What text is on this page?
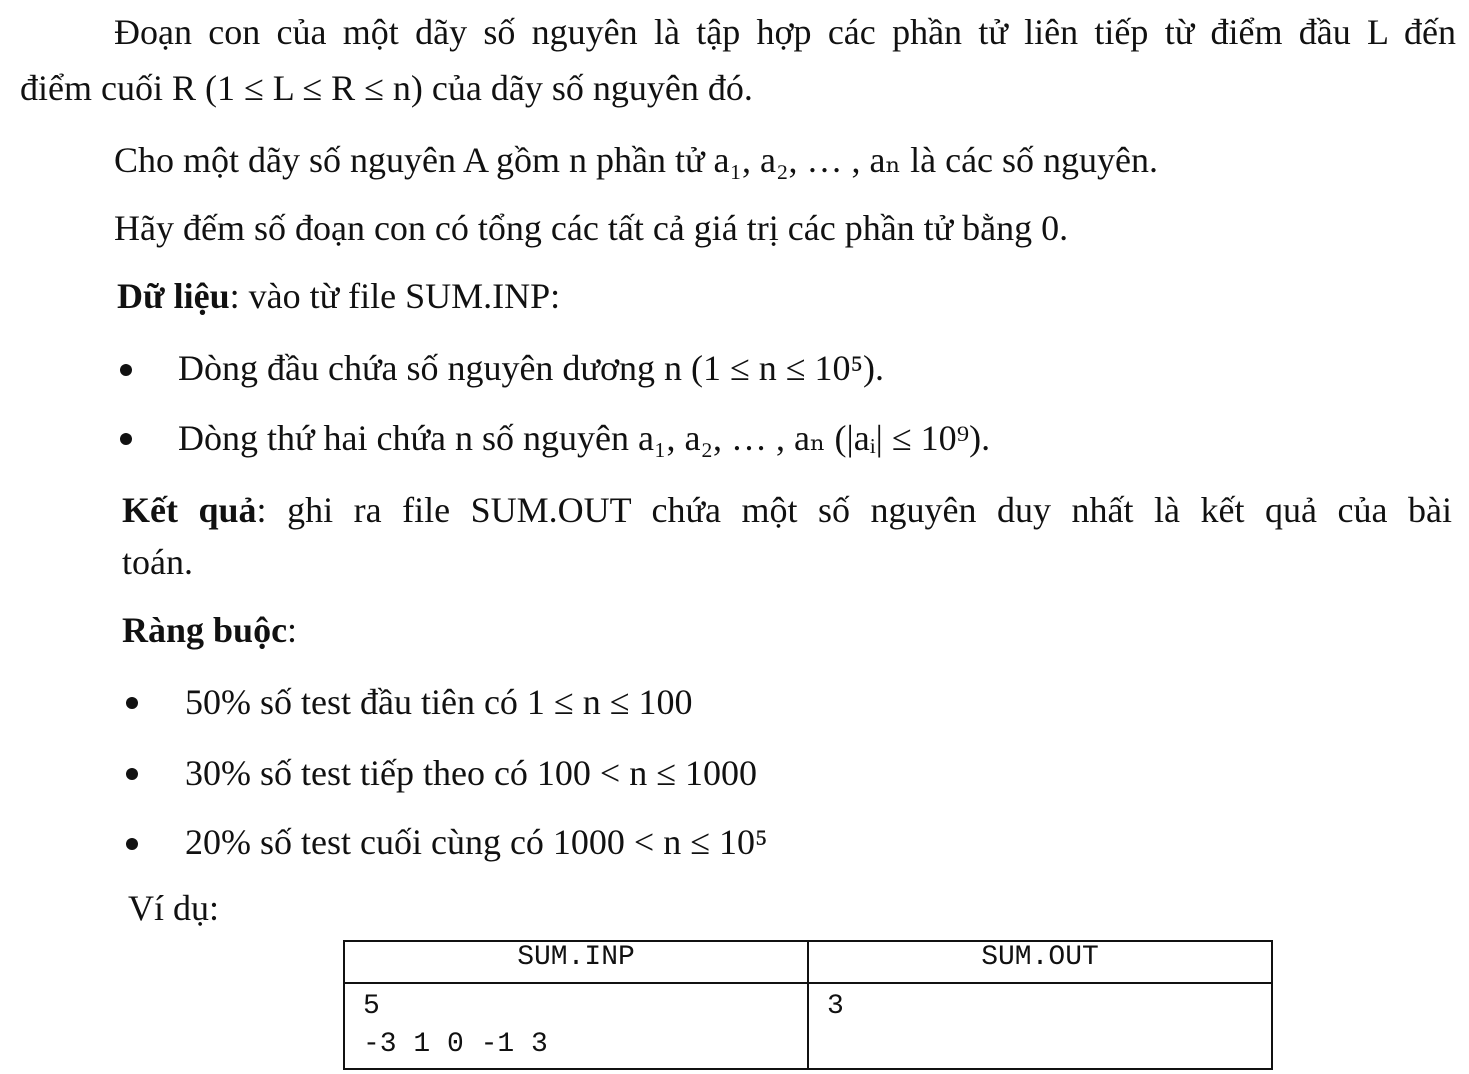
Đoạn con của một dãy số nguyên là tập hợp các phần tử liên tiếp từ điểm đầu L đến
điểm cuối R (1 ≤ L ≤ R ≤ n) của dãy số nguyên đó.
Cho một dãy số nguyên A gồm n phần tử a₁, a₂, … , aₙ là các số nguyên.
Hãy đếm số đoạn con có tổng các tất cả giá trị các phần tử bằng 0.
Dữ liệu: vào từ file SUM.INP:
Dòng đầu chứa số nguyên dương n (1 ≤ n ≤ 10⁵).
Dòng thứ hai chứa n số nguyên a₁, a₂, … , aₙ (|aᵢ| ≤ 10⁹).
Kết quả: ghi ra file SUM.OUT chứa một số nguyên duy nhất là kết quả của bài
toán.
Ràng buộc:
50% số test đầu tiên có 1 ≤ n ≤ 100
30% số test tiếp theo có 100 < n ≤ 1000
20% số test cuối cùng có 1000 < n ≤ 10⁵
Ví dụ:
SUM.INP	SUM.OUT

5
-3 1 0 -1 3	3
